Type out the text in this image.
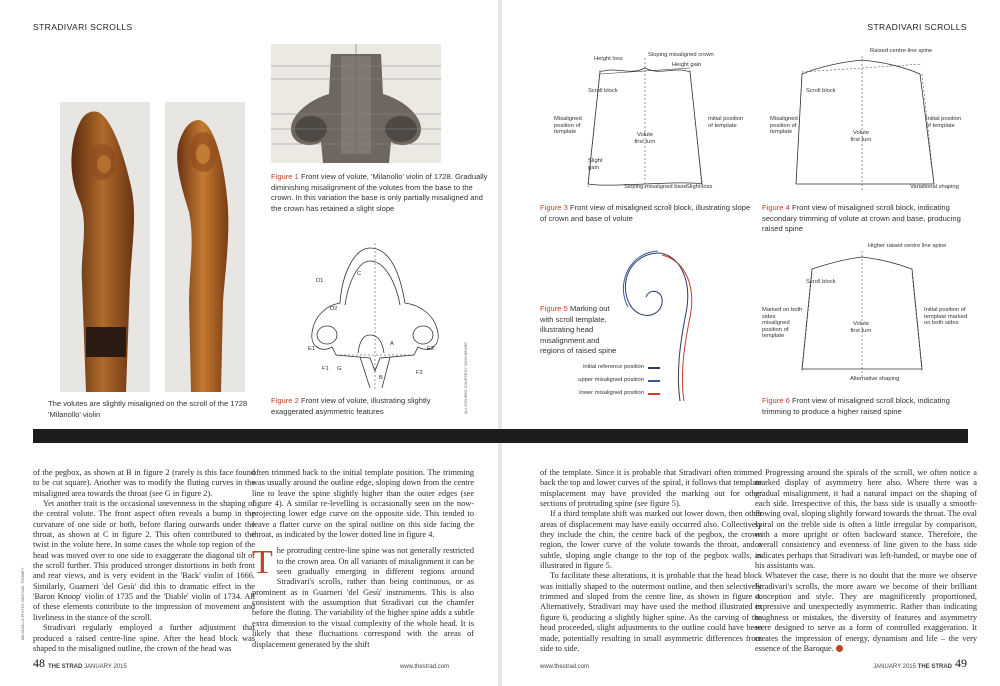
STRADIVARI SCROLLS	STRADIVARI SCROLLS
The volutes are slightly misaligned on the scroll of the 1728 'Milanollo' violin
MILANOLLO PHOTO: MICHAEL TOOMEY
Figure 1 Front view of volute, 'Milanollo' violin of 1728. Gradually diminishing misalignment of the volutes from the base to the crown. In this variation the base is only partially misaligned and the crown has retained a slight slope
D1
C
D2
E1	E2
A
F1 G
B
F2
Figure 2 Front view of volute, illustrating slightly exaggerated asymmetric features	ALL FIGURES COURTESY JOHN BEARD
Height loss
Sloping misaligned crown
Height gain
Scroll block
Misaligned position of template
Initial position of template
Volute first turn
Slight gain
Sloping misaligned base Slight loss
Figure 3 Front view of misaligned scroll block, illustrating slope of crown and base of volute
Raised centre-line spine
Scroll block
Misaligned position of template
Initial position of template
Volute first turn
Variational shaping
Figure 4 Front view of misaligned scroll block, indicating secondary trimming of volute at crown and base, producing raised spine
Figure 5 Marking out with scroll template, illustrating head misalignment and regions of raised spine
initial reference position
upper misaligned position
lower misaligned position
Higher raised centre line spine
Scroll block
Marked on both sides misaligned position of template
Initial position of template marked on both sides
Volute first turn
Alternative shaping
Figure 6 Front view of misaligned scroll block, indicating trimming to produce a higher raised spine

of the pegbox, as shown at B in figure 2 (rarely is this face found to be cut square). Another was to modify the fluting curves in the misaligned area towards the throat (see G in figure 2).

Yet another trait is the occasional unevenness in the shaping of the central volute. The front aspect often reveals a bump in the curvature of one side or both, before flaring outwards under the throat, as shown at C in figure 2. This often contributed to the twist in the volute here. In some cases the whole top region of the head was moved over to one side to exaggerate the diagonal tilt of the scroll further. This produced stronger distortions in both front and rear views, and is very evident in the 'Back' violin of 1666. Similarly, Guarneri 'del Gesù' did this to dramatic effect in the 'Baron Knoop' violin of 1735 and the 'Diable' violin of 1734. All of these elements contribute to the impression of movement and liveliness in the stance of the scroll.

Stradivari regularly employed a further adjustment that produced a raised centre-line spine. After the head block was shaped to the misaligned outline, the crown of the head was

often trimmed back to the initial template position. The trimming was usually around the outline edge, sloping down from the centre line to leave the spine slightly higher than the outer edges (see figure 4). A similar re-levelling is occasionally seen on the now-projecting lower edge curve on the opposite side. This tended to leave a flatter curve on the spiral outline on this side facing the throat, as indicated by the lower dotted line in figure 4.

The protruding centre-line spine was not generally restricted to the crown area. On all variants of misalignment it can be seen gradually emerging in different regions around Stradivari's scrolls, rather than being continuous, or as prominent as in Guarneri 'del Gesù' instruments. This is also consistent with the assumption that Stradivari cut the chamfer before the fluting. The variability of the higher spine adds a subtle extra dimension to the visual complexity of the whole head. It is likely that these fluctuations correspond with the areas of displacement generated by the shift

of the template. Since it is probable that Stradivari often trimmed back the top and lower curves of the spiral, it follows that template misplacement may have provided the marking out for other sections of protruding spine (see figure 5).

If a third template shift was marked out lower down, then other areas of displacement may have easily occurred also. Collectively they include the chin, the centre back of the pegbox, the crown region, the lower curve of the volute towards the throat, and a subtle, sloping angle change to the top of the pegbox walls, as illustrated in figure 5.

To facilitate these alterations, it is probable that the head block was initially shaped to the outermost outline, and then selectively trimmed and sloped from the centre line, as shown in figure 4. Alternatively, Stradivari may have used the method illustrated in figure 6, producing a slightly higher spine. As the carving of the head proceeded, slight adjustments to the outline could have been made, potentially resulting in small asymmetric differences from side to side.

Progressing around the spirals of the scroll, we often notice a marked display of asymmetry here also. Where there was a gradual misalignment, it had a natural impact on the shaping of each side. Irrespective of this, the bass side is usually a smooth-flowing oval, sloping slightly forward towards the throat. The oval spiral on the treble side is often a little irregular by comparison, with a more upright or often backward stance. Therefore, the overall consistency and evenness of line given to the bass side indicates perhaps that Stradivari was left-handed, or maybe one of his assistants was.

Whatever the case, there is no doubt that the more we observe Stradivari's scrolls, the more aware we become of their brilliant conception and style. They are magnificently proportioned, expressive and unexpectedly asymmetric. Rather than indicating roughness or mistakes, the diversity of features and asymmetry were designed to serve as a form of controlled exaggeration. It creates the impression of energy, dynamism and life – the very essence of the Baroque.

48 THE STRAD JANUARY 2015	www.thestrad.com	www.thestrad.com	JANUARY 2015 THE STRAD 49
